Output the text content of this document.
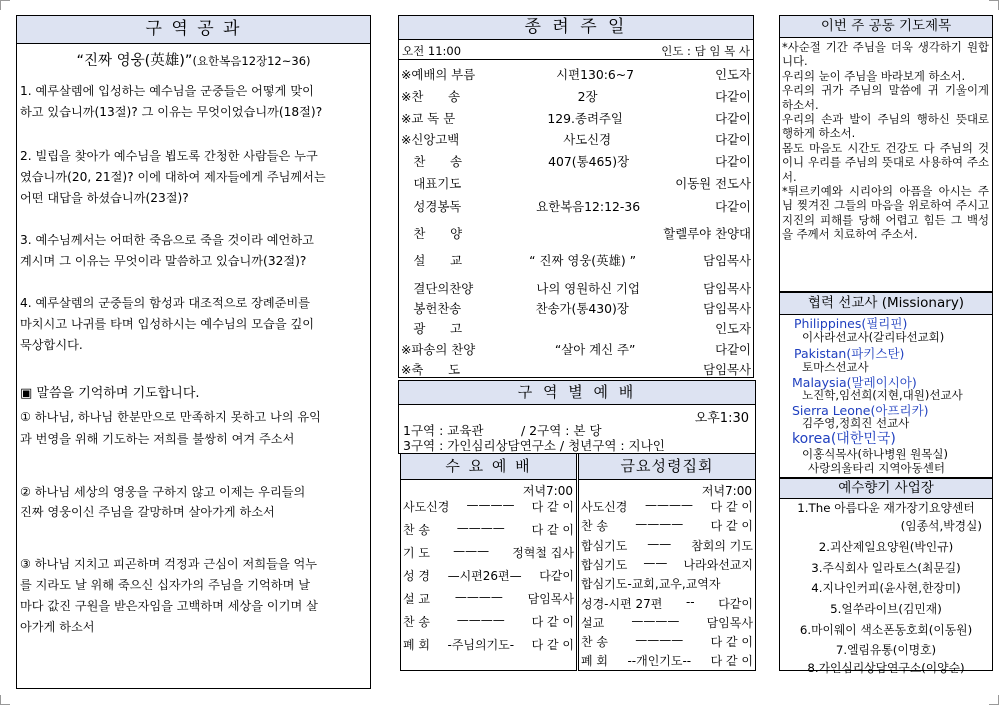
구 역 공 과
“진짜 영웅(英雄)”(요한복음12장12~36)
1. 예루살렘에 입성하는 예수님을 군중들은 어떻게 맞이
하고 있습니까(13절)? 그 이유는 무엇이었습니까(18절)?
2. 빌립을 찾아가 예수님을 뵙도록 간청한 사람들은 누구
였습니까(20, 21절)? 이에 대하여 제자들에게 주님께서는
어떤 대답을 하셨습니까(23절)?
3. 예수님께서는 어떠한 죽음으로 죽을 것이라 예언하고
계시며 그 이유는 무엇이라 말씀하고 있습니까(32절)?
4. 예루살렘의 군중들의 함성과 대조적으로 장례준비를
마치시고 나귀를 타며 입성하시는 예수님의 모습을 깊이
묵상합시다.
▣ 말씀을 기억하며 기도합니다.
① 하나님, 하나님 한분만으로 만족하지 못하고 나의 유익
과 번영을 위해 기도하는 저희를 불쌍히 여겨 주소서
② 하나님 세상의 영웅을 구하지 않고 이제는 우리들의
진짜 영웅이신 주님을 갈망하며 살아가게 하소서
③ 하나님 지치고 피곤하며 걱정과 근심이 저희들을 억누
를 지라도 날 위해 죽으신 십자가의 주님을 기억하며 날
마다 값진 구원을 받은자임을 고백하며 세상을 이기며 살
아가게 하소서
종 려 주 일
오전 11:00	인도 : 담 임 목 사
※예배의 부름	시편130:6~7	인도자
※찬　　송	2장	다같이
※교 독 문	129.종려주일	다같이
※신앙고백	사도신경	다같이
　찬　　송	407(통465)장	다같이
　대표기도	이동원 전도사
　성경봉독	요한복음12:12-36	다같이
　찬　　양	할렐루야 찬양대
　설　　교	“ 진짜 영웅(英雄) ”	담임목사
　결단의찬양	나의 영원하신 기업	담임목사
　봉헌찬송	찬송가(통430)장	담임목사
　광　　고	인도자
※파송의 찬양	“살아 계신 주”	다같이
※축　　도	담임목사
구 역 별 예 배
오후1:30
1구역 : 교육관　　　/ 2구역 : 본 당
3구역 : 가인심리상담연구소 / 청년구역 : 지나인
수 요 예 배
저녁7:00
사도신경	————	다 같 이
찬 송	————	다 같 이
기 도	———	정혁철 집사
성 경	—시편26편—	다같이
설 교	————	담임목사
찬 송	————	다 같 이
폐 회	-주님의기도-	다 같 이
금요성령집회
저녁7:00
사도신경	————	다 같 이
찬 송	————	다 같 이
합심기도	——	참회의 기도
합심기도	——	나라와선교지
합심기도-교회,교우,교역자
성경-시편 27편	--	다같이
설교	————	담임목사
찬 송	————	다 같 이
폐 회	--개인기도--	다 같 이
이번 주 공동 기도제목
*사순절 기간 주님을 더욱 생각하기 원합니다.
우리의 눈이 주님을 바라보게 하소서.
우리의 귀가 주님의 말씀에 귀 기울이게 하소서.
우리의 손과 발이 주님의 행하신 뜻대로 행하게 하소서.
몸도 마음도 시간도 건강도 다 주님의 것이니 우리를 주님의 뜻대로 사용하여 주소서.
*튀르키예와 시리아의 아픔을 아시는 주님 찢겨진 그들의 마음을 위로하여 주시고 지진의 피해를 당해 어렵고 힘든 그 백성을 주께서 치료하여 주소서.
협력 선교사 (Missionary)
Philippines(필리핀)
이사라선교사(갈리타선교회)
Pakistan(파키스탄)
토마스선교사
Malaysia(말레이시아)
노진학,임선희(지현,대원)선교사
Sierra Leone(아프리카)
김주영,정희진 선교사
korea(대한민국)
이홍식목사(하나병원 원목실)
사랑의울타리 지역아동센터
예수향기 사업장
1.The 아름다운 재가장기요양센터
(임종석,박경실)
2.괴산제일요양원(박인규)
3.주식회사 일라토스(최문길)
4.지나인커피(윤사현,한장미)
5.얼쑤라이브(김민재)
6.마이웨이 색소폰동호회(이동원)
7.엘림유통(이명호)
8.가인심리상담연구소(이양순)
